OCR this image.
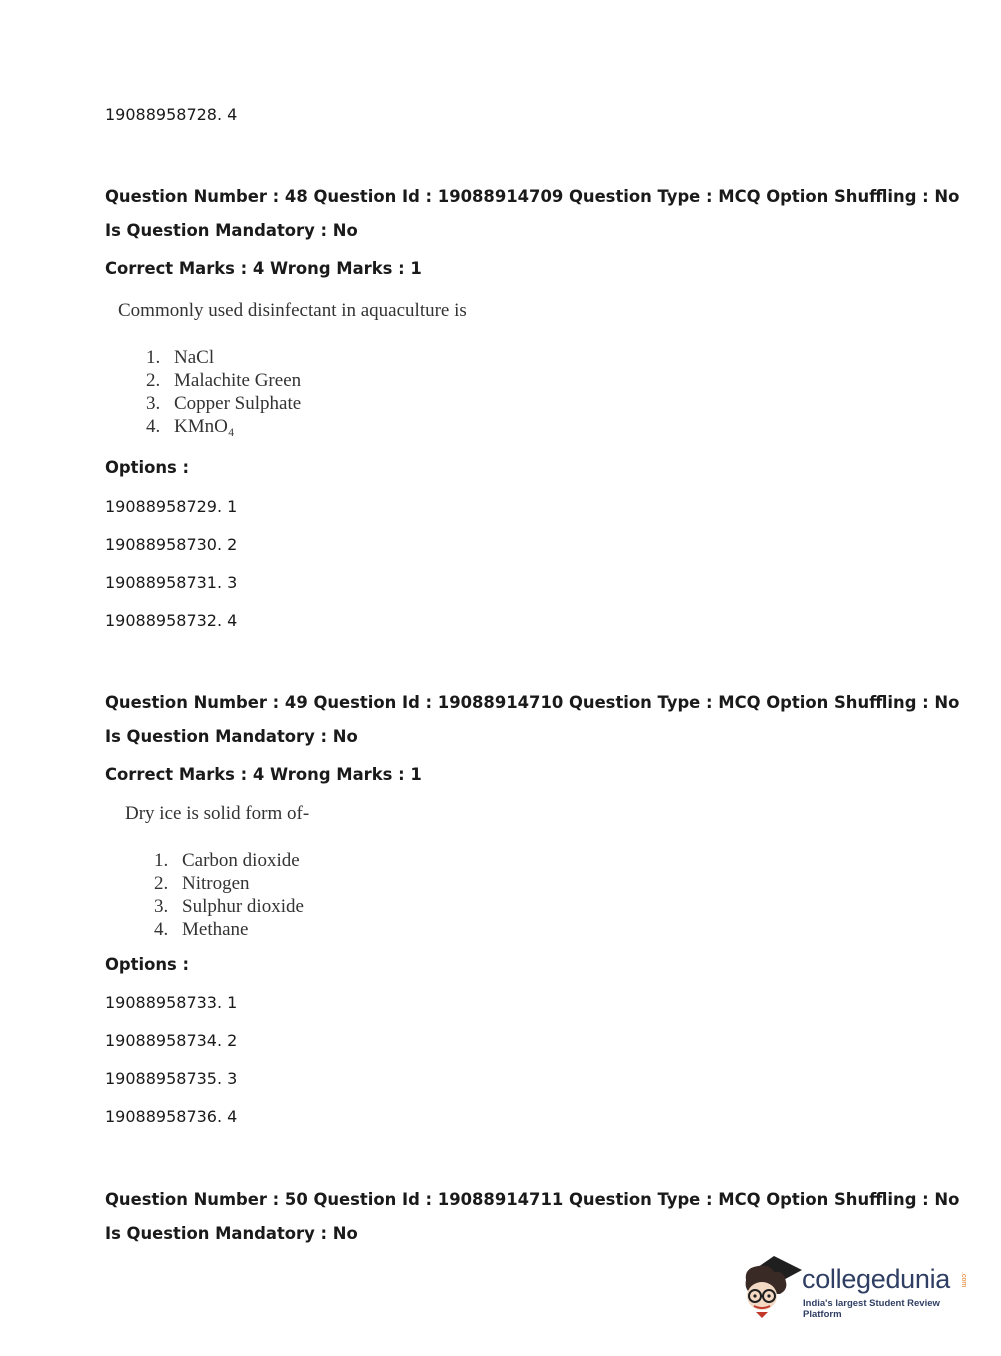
19088958728. 4
Question Number : 48 Question Id : 19088914709 Question Type : MCQ Option Shuffling : No
Is Question Mandatory : No
Correct Marks : 4 Wrong Marks : 1
Commonly used disinfectant in aquaculture is
1. NaCl
2. Malachite Green
3. Copper Sulphate
4. KMnO₄
Options :
19088958729. 1
19088958730. 2
19088958731. 3
19088958732. 4
Question Number : 49 Question Id : 19088914710 Question Type : MCQ Option Shuffling : No
Is Question Mandatory : No
Correct Marks : 4 Wrong Marks : 1
Dry ice is solid form of-
1. Carbon dioxide
2. Nitrogen
3. Sulphur dioxide
4. Methane
Options :
19088958733. 1
19088958734. 2
19088958735. 3
19088958736. 4
Question Number : 50 Question Id : 19088914711 Question Type : MCQ Option Shuffling : No
Is Question Mandatory : No
collegedunia .com
India's largest Student Review Platform
